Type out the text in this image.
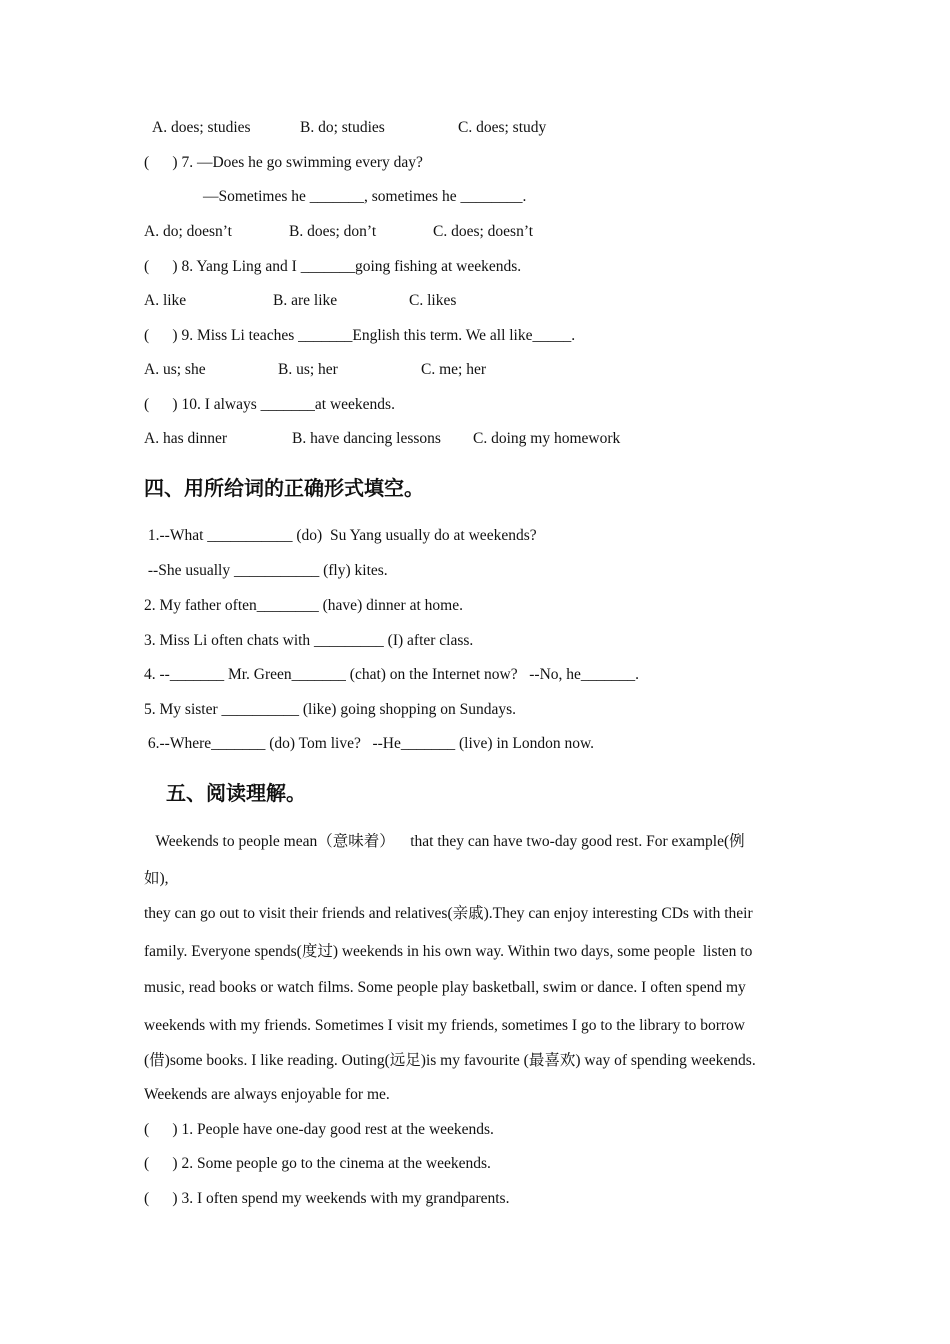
A. does; studies	B. do; studies	C. does; study
(      ) 7. —Does he go swimming every day?
—Sometimes he _______, sometimes he ________.
A. do; doesn’t	B. does; don’t	C. does; doesn’t
(      ) 8. Yang Ling and I _______going fishing at weekends.
A. like	B. are like	C. likes
(      ) 9. Miss Li teaches _______English this term. We all like_____.
A. us; she	B. us; her	C. me; her
(      ) 10. I always _______at weekends.
A. has dinner	B. have dancing lessons C. doing my homework
四、用所给词的正确形式填空。
1.--What ___________ (do)  Su Yang usually do at weekends?
--She usually ___________ (fly) kites.
2. My father often________ (have) dinner at home.
3. Miss Li often chats with _________ (I) after class.
4. --_______ Mr. Green_______ (chat) on the Internet now?   --No, he_______.
5. My sister __________ (like) going shopping on Sundays.
6.--Where_______ (do) Tom live?   --He_______ (live) in London now.
五、阅读理解。
Weekends to people mean（意味着）    that they can have two-day good rest. For example(例
如),
they can go out to visit their friends and relatives(亲戚).They can enjoy interesting CDs with their
family. Everyone spends(度过) weekends in his own way. Within two days, some people  listen to
music, read books or watch films. Some people play basketball, swim or dance. I often spend my
weekends with my friends. Sometimes I visit my friends, sometimes I go to the library to borrow
(借)some books. I like reading. Outing(远足)is my favourite (最喜欢) way of spending weekends.
Weekends are always enjoyable for me.
(      ) 1. People have one-day good rest at the weekends.
(      ) 2. Some people go to the cinema at the weekends.
(      ) 3. I often spend my weekends with my grandparents.
